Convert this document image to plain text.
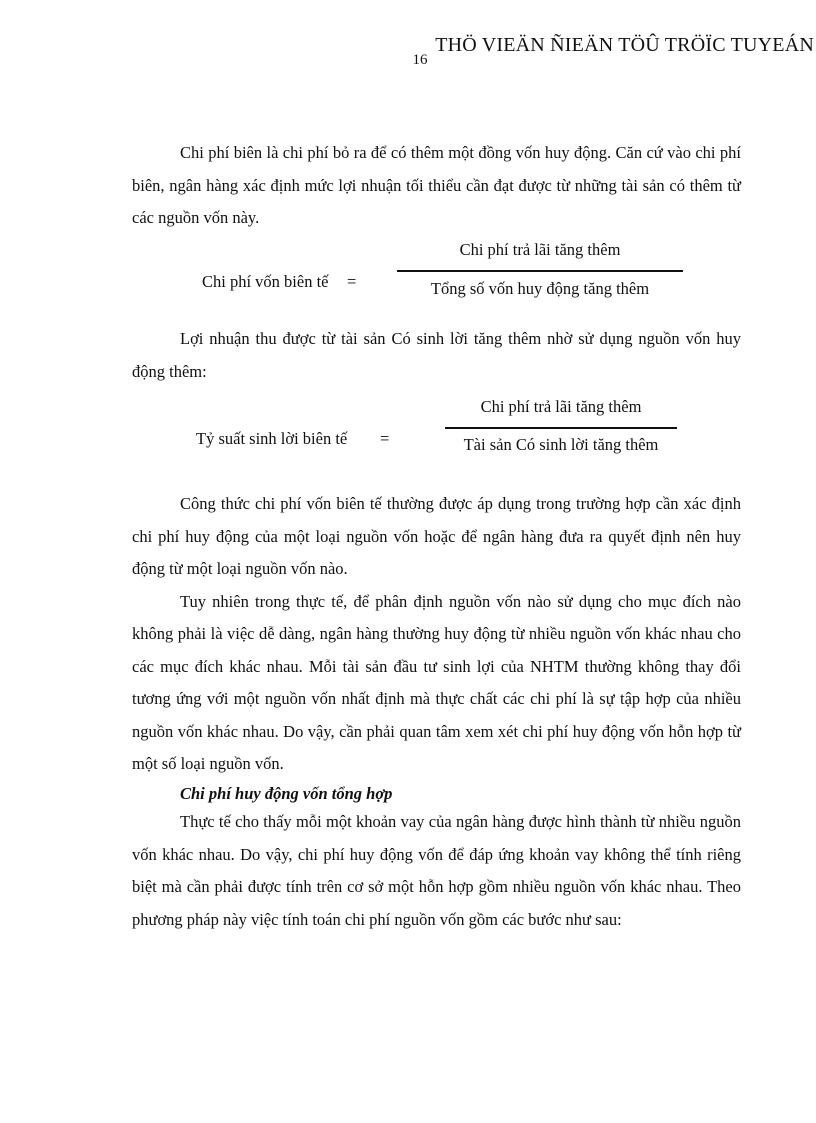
THÖ VIEÄN ÑIEÄN TÖÛ TRÖÏC TUYEÁN
16

Chi phí biên là chi phí bỏ ra để có thêm một đồng vốn huy động. Căn cứ vào chi phí biên, ngân hàng xác định mức lợi nhuận tối thiểu cần đạt được từ những tài sản có thêm từ các nguồn vốn này.

Chi phí vốn biên tế =
Chi phí trả lãi tăng thêm
Tổng số vốn huy động tăng thêm

Lợi nhuận thu được từ tài sản Có sinh lời tăng thêm nhờ sử dụng nguồn vốn huy động thêm:

Tỷ suất sinh lời biên tế =
Chi phí trả lãi tăng thêm
Tài sản Có sinh lời tăng thêm

Công thức chi phí vốn biên tế thường được áp dụng trong trường hợp cần xác định chi phí huy động của một loại nguồn vốn hoặc để ngân hàng đưa ra quyết định nên huy động từ một loại nguồn vốn nào.

Tuy nhiên trong thực tế, để phân định nguồn vốn nào sử dụng cho mục đích nào không phải là việc dễ dàng, ngân hàng thường huy động từ nhiều nguồn vốn khác nhau cho các mục đích khác nhau. Mỗi tài sản đầu tư sinh lợi của NHTM thường không thay đổi tương ứng với một nguồn vốn nhất định mà thực chất các chi phí là sự tập hợp của nhiều nguồn vốn khác nhau. Do vậy, cần phải quan tâm xem xét chi phí huy động vốn hỗn hợp từ một số loại nguồn vốn.

Chi phí huy động vốn tổng hợp

Thực tế cho thấy mỗi một khoản vay của ngân hàng được hình thành từ nhiều nguồn vốn khác nhau. Do vậy, chi phí huy động vốn để đáp ứng khoản vay không thể tính riêng biệt mà cần phải được tính trên cơ sở một hỗn hợp gồm nhiều nguồn vốn khác nhau. Theo phương pháp này việc tính toán chi phí nguồn vốn gồm các bước như sau:
